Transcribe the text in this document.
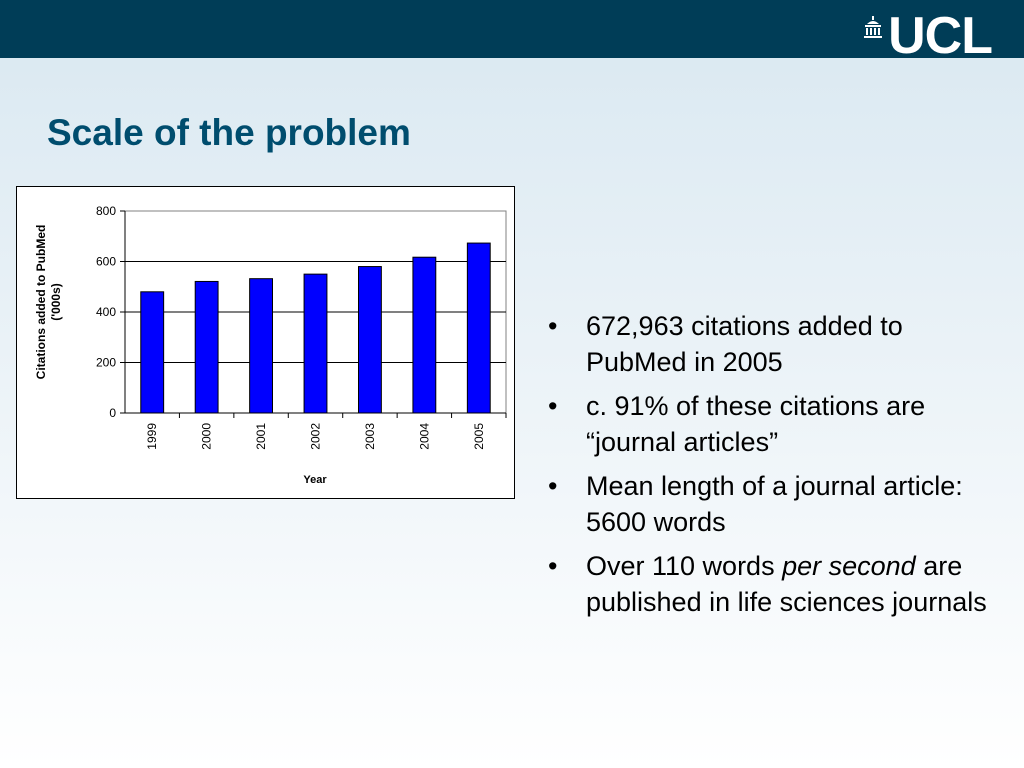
UCL
Scale of the problem
0
200
400
600
800
1999	2000	2001	2002	2003	2004	2005
Citations added to PubMed ('000s)
Year
• 672,963 citations added to PubMed in 2005
• c. 91% of these citations are “journal articles”
• Mean length of a journal article: 5600 words
• Over 110 words per second are published in life sciences journals
